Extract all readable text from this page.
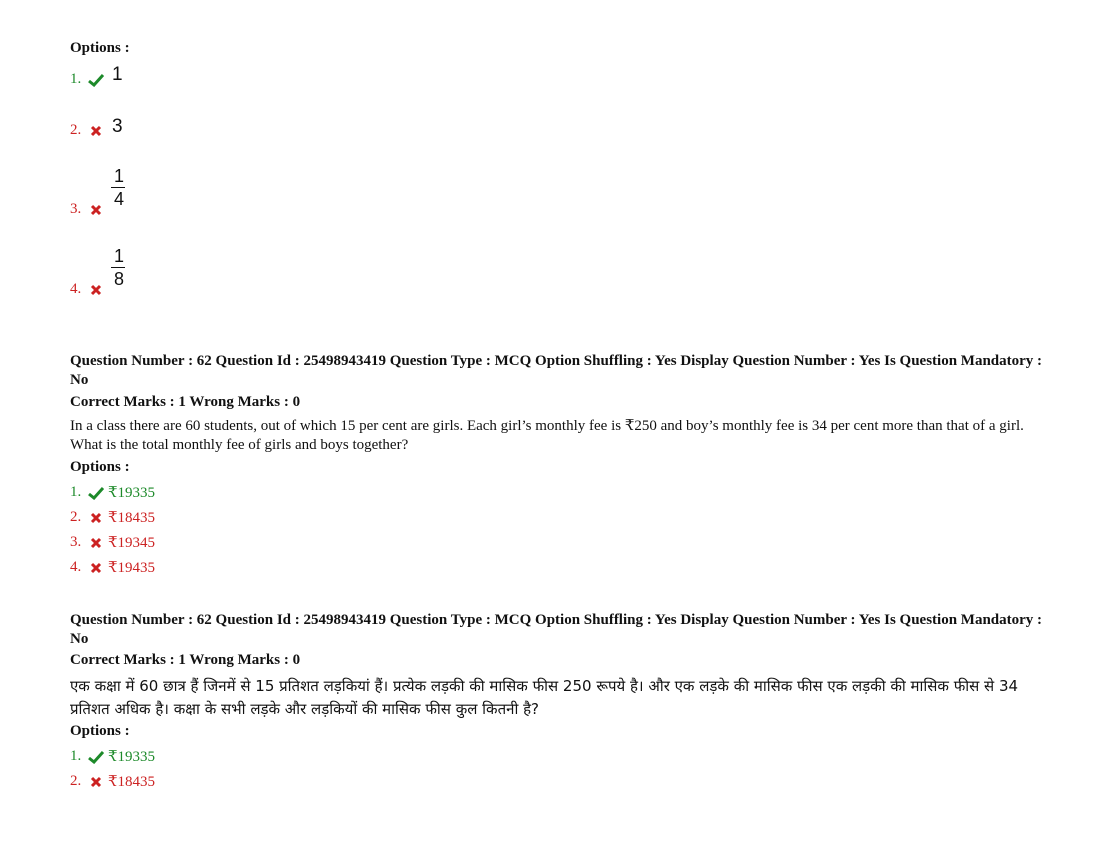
Options :
1.	1
2.	3
3.
1
4
4.
1
8
Question Number : 62 Question Id : 25498943419 Question Type : MCQ Option Shuffling : Yes Display Question Number : Yes Is Question Mandatory : No
Correct Marks : 1 Wrong Marks : 0
In a class there are 60 students, out of which 15 per cent are girls. Each girl’s monthly fee is ₹250 and boy’s monthly fee is 34 per cent more than that of a girl. What is the total monthly fee of girls and boys together?
Options :
1.	₹19335
2.	₹18435
3.	₹19345
4.	₹19435
Question Number : 62 Question Id : 25498943419 Question Type : MCQ Option Shuffling : Yes Display Question Number : Yes Is Question Mandatory : No
Correct Marks : 1 Wrong Marks : 0
एक कक्षा में 60 छात्र हैं जिनमें से 15 प्रतिशत लड़कियां हैं। प्रत्येक लड़की की मासिक फीस 250 रूपये है। और एक लड़के की मासिक फीस एक लड़की की मासिक फीस से 34 प्रतिशत अधिक है। कक्षा के सभी लड़के और लड़कियों की मासिक फीस कुल कितनी है?
Options :
1.	₹19335
2.	₹18435
